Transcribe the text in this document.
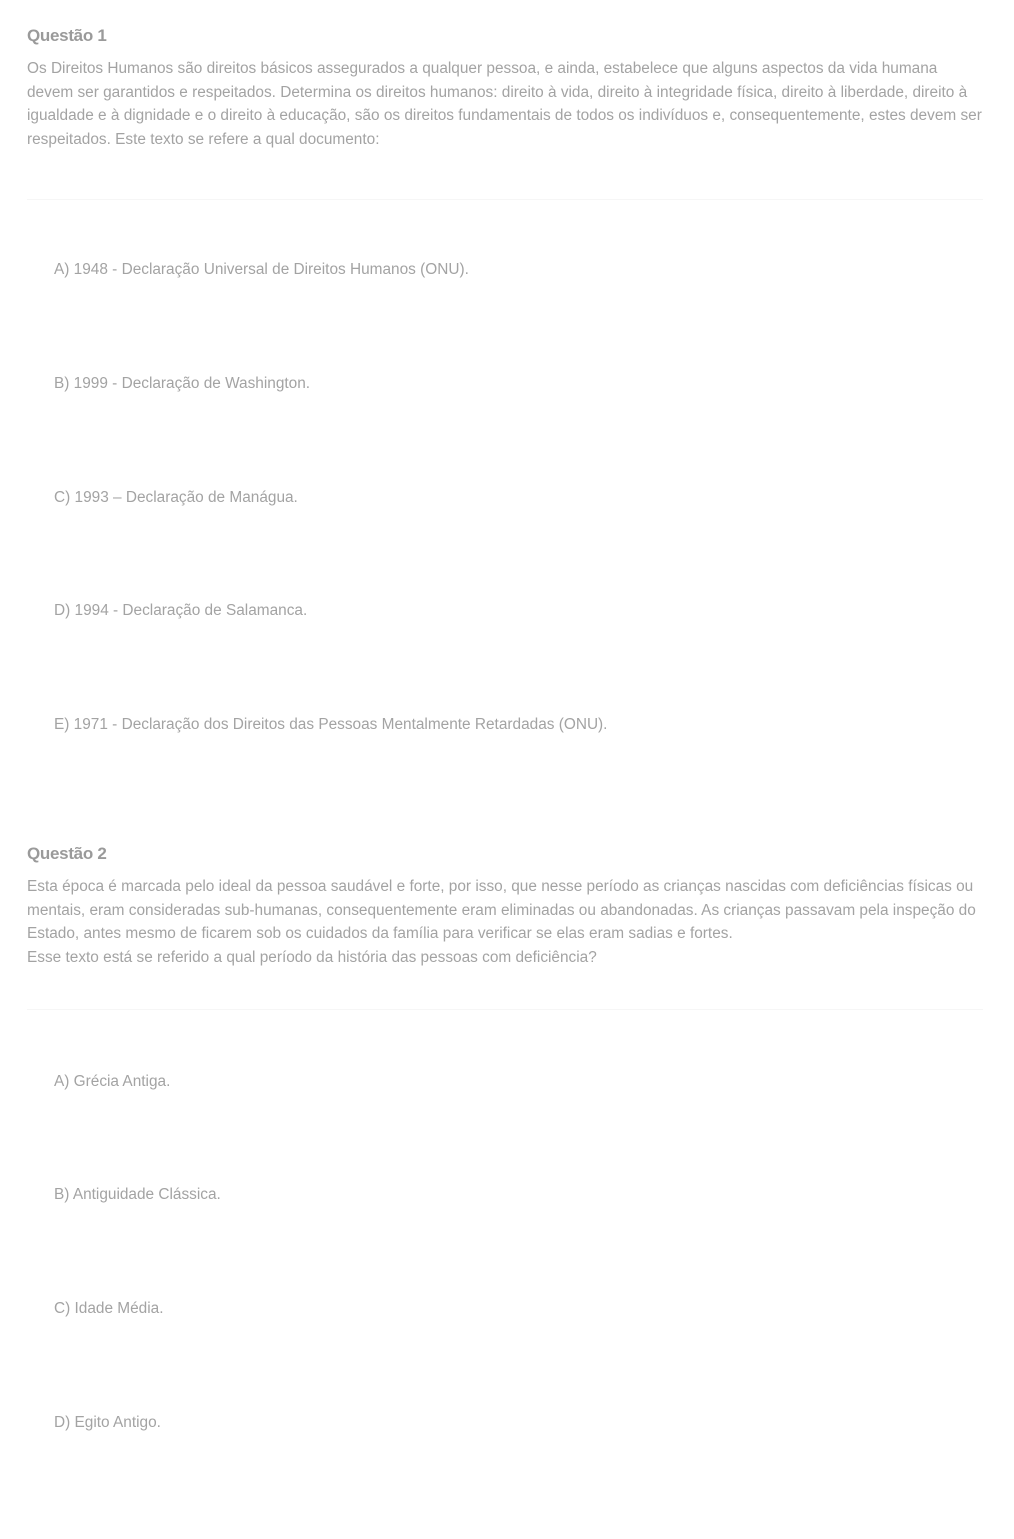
Questão 1

Os Direitos Humanos são direitos básicos assegurados a qualquer pessoa, e ainda, estabelece que alguns aspectos da vida humana devem ser garantidos e respeitados. Determina os direitos humanos: direito à vida, direito à integridade física, direito à liberdade, direito à igualdade e à dignidade e o direito à educação, são os direitos fundamentais de todos os indivíduos e, consequentemente, estes devem ser respeitados. Este texto se refere a qual documento:

A) 1948 - Declaração Universal de Direitos Humanos (ONU).
B) 1999 - Declaração de Washington.
C) 1993 – Declaração de Manágua.
D) 1994 - Declaração de Salamanca.
E) 1971 - Declaração dos Direitos das Pessoas Mentalmente Retardadas (ONU).
Questão 2

Esta época é marcada pelo ideal da pessoa saudável e forte, por isso, que nesse período as crianças nascidas com deficiências físicas ou mentais, eram consideradas sub-humanas, consequentemente eram eliminadas ou abandonadas. As crianças passavam pela inspeção do Estado, antes mesmo de ficarem sob os cuidados da família para verificar se elas eram sadias e fortes.

Esse texto está se referido a qual período da história das pessoas com deficiência?

A) Grécia Antiga.
B) Antiguidade Clássica.
C) Idade Média.
D) Egito Antigo.
